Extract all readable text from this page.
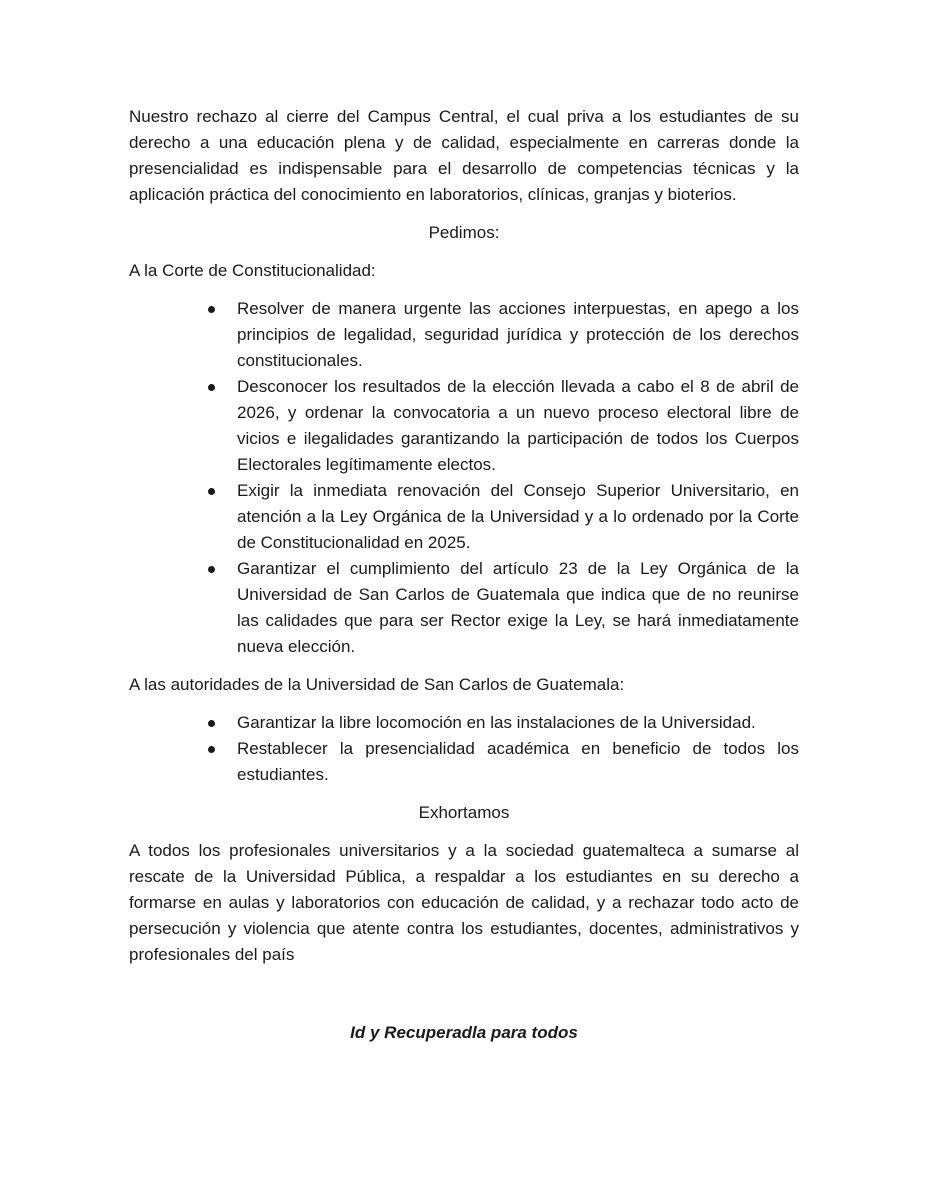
Nuestro rechazo al cierre del Campus Central, el cual priva a los estudiantes de su derecho a una educación plena y de calidad, especialmente en carreras donde la presencialidad es indispensable para el desarrollo de competencias técnicas y la aplicación práctica del conocimiento en laboratorios, clínicas, granjas y bioterios.

Pedimos:

A la Corte de Constitucionalidad:

Resolver de manera urgente las acciones interpuestas, en apego a los principios de legalidad, seguridad jurídica y protección de los derechos constitucionales.
Desconocer los resultados de la elección llevada a cabo el 8 de abril de 2026, y ordenar la convocatoria a un nuevo proceso electoral libre de vicios e ilegalidades garantizando la participación de todos los Cuerpos Electorales legítimamente electos.
Exigir la inmediata renovación del Consejo Superior Universitario, en atención a la Ley Orgánica de la Universidad y a lo ordenado por la Corte de Constitucionalidad en 2025.
Garantizar el cumplimiento del artículo 23 de la Ley Orgánica de la Universidad de San Carlos de Guatemala que indica que de no reunirse las calidades que para ser Rector exige la Ley, se hará inmediatamente nueva elección.

A las autoridades de la Universidad de San Carlos de Guatemala:

Garantizar la libre locomoción en las instalaciones de la Universidad.
Restablecer la presencialidad académica en beneficio de todos los estudiantes.

Exhortamos

A todos los profesionales universitarios y a la sociedad guatemalteca a sumarse al rescate de la Universidad Pública, a respaldar a los estudiantes en su derecho a formarse en aulas y laboratorios con educación de calidad, y a rechazar todo acto de persecución y violencia que atente contra los estudiantes, docentes, administrativos y profesionales del país

Id y Recuperadla para todos
